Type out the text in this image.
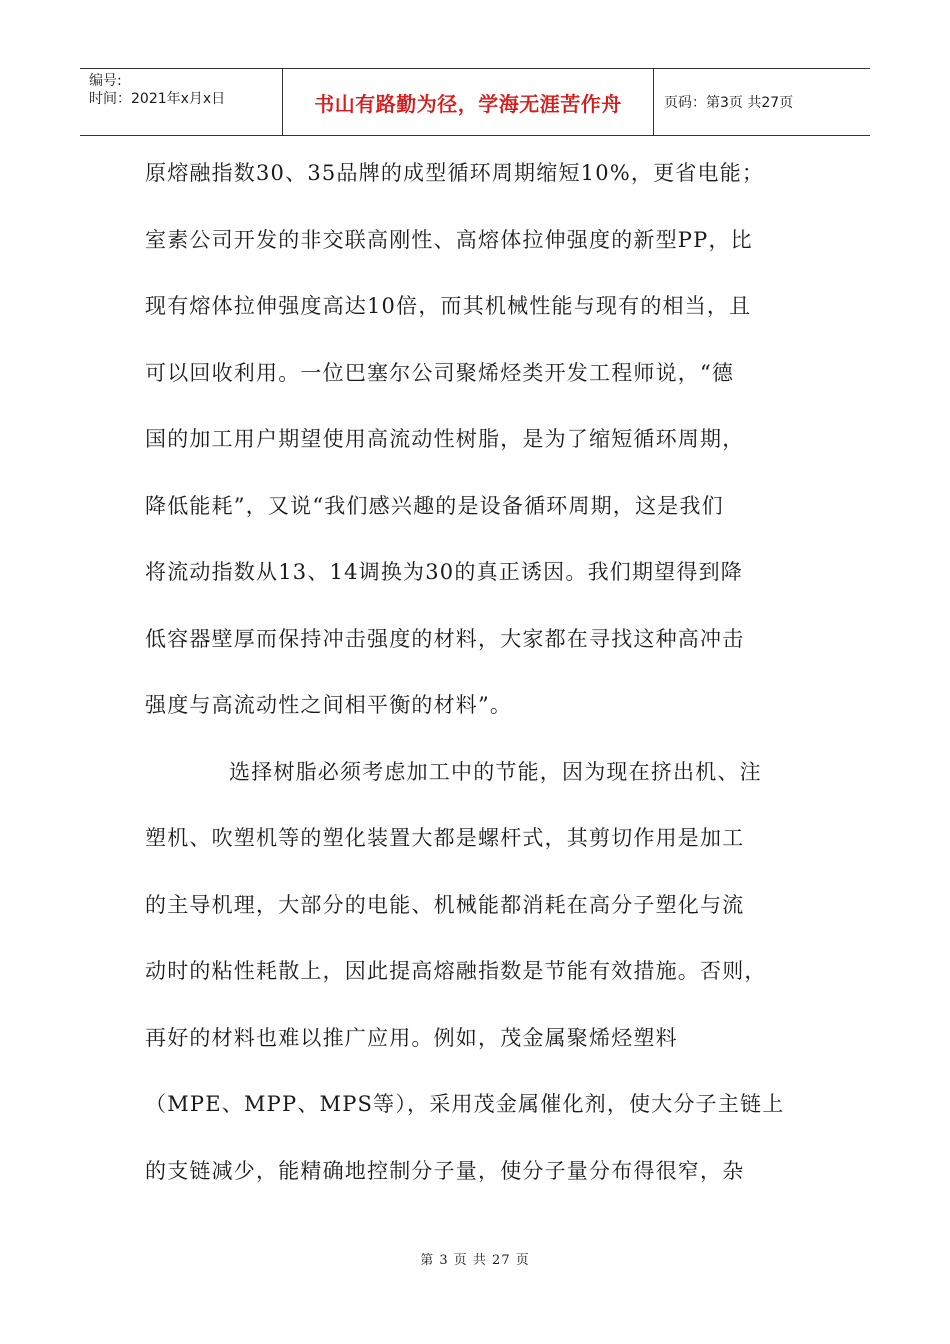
编号:
时间：2021年x月x日	书山有路勤为径，学海无涯苦作舟	页码：第3页 共27页
原熔融指数30、35品牌的成型循环周期缩短10%，更省电能；
室素公司开发的非交联高刚性、高熔体拉伸强度的新型PP，比
现有熔体拉伸强度高达10倍，而其机械性能与现有的相当，且
可以回收利用。一位巴塞尔公司聚烯烃类开发工程师说，“德
国的加工用户期望使用高流动性树脂，是为了缩短循环周期，
降低能耗”，又说“我们感兴趣的是设备循环周期，这是我们
将流动指数从13、14调换为30的真正诱因。我们期望得到降
低容器壁厚而保持冲击强度的材料，大家都在寻找这种高冲击
强度与高流动性之间相平衡的材料”。
选择树脂必须考虑加工中的节能，因为现在挤出机、注
塑机、吹塑机等的塑化装置大都是螺杆式，其剪切作用是加工
的主导机理，大部分的电能、机械能都消耗在高分子塑化与流
动时的粘性耗散上，因此提高熔融指数是节能有效措施。否则，
再好的材料也难以推广应用。例如，茂金属聚烯烃塑料
（MPE、MPP、MPS等），采用茂金属催化剂，使大分子主链上
的支链减少，能精确地控制分子量，使分子量分布得很窄，杂
第 3 页 共 27 页
